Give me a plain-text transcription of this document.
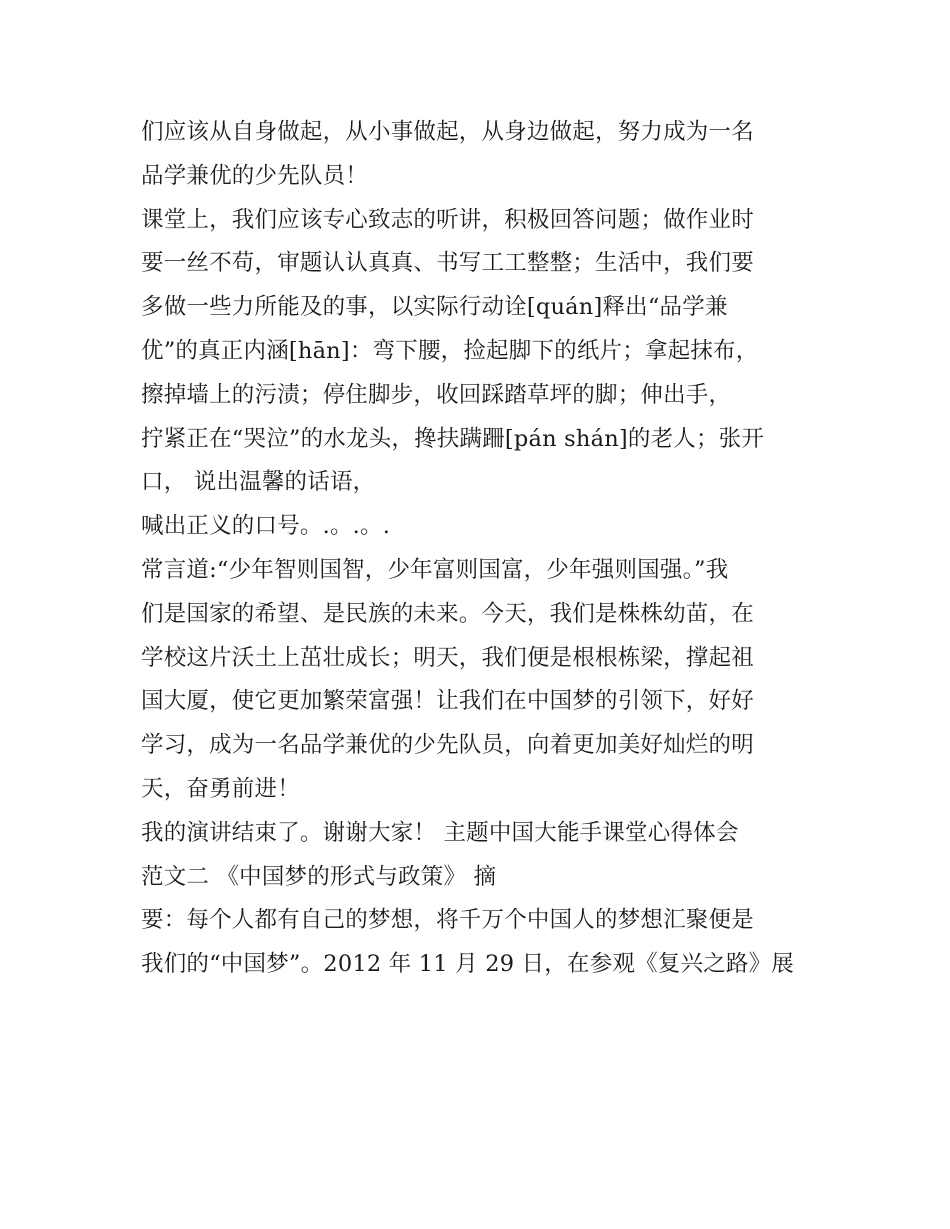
们应该从自身做起，从小事做起，从身边做起，努力成为一名
品学兼优的少先队员！
课堂上，我们应该专心致志的听讲，积极回答问题；做作业时
要一丝不苟，审题认认真真、书写工工整整；生活中，我们要
多做一些力所能及的事，以实际行动诠[quán]释出“品学兼
优”的真正内涵[hān]：弯下腰，捡起脚下的纸片；拿起抹布，
擦掉墙上的污渍；停住脚步，收回踩踏草坪的脚；伸出手，
拧紧正在“哭泣”的水龙头，搀扶蹒跚[pán shán]的老人；张开
口， 说出温馨的话语，
喊出正义的口号。.。.。.
常言道:“少年智则国智，少年富则国富，少年强则国强。”我
们是国家的希望、是民族的未来。今天，我们是株株幼苗，在
学校这片沃土上茁壮成长；明天，我们便是根根栋梁，撑起祖
国大厦，使它更加繁荣富强！让我们在中国梦的引领下，好好
学习，成为一名品学兼优的少先队员，向着更加美好灿烂的明
天，奋勇前进！
我的演讲结束了。谢谢大家！ 主题中国大能手课堂心得体会
范文二 《中国梦的形式与政策》 摘
要：每个人都有自己的梦想，将千万个中国人的梦想汇聚便是
我们的“中国梦”。2012 年 11 月 29 日，在参观《复兴之路》展
